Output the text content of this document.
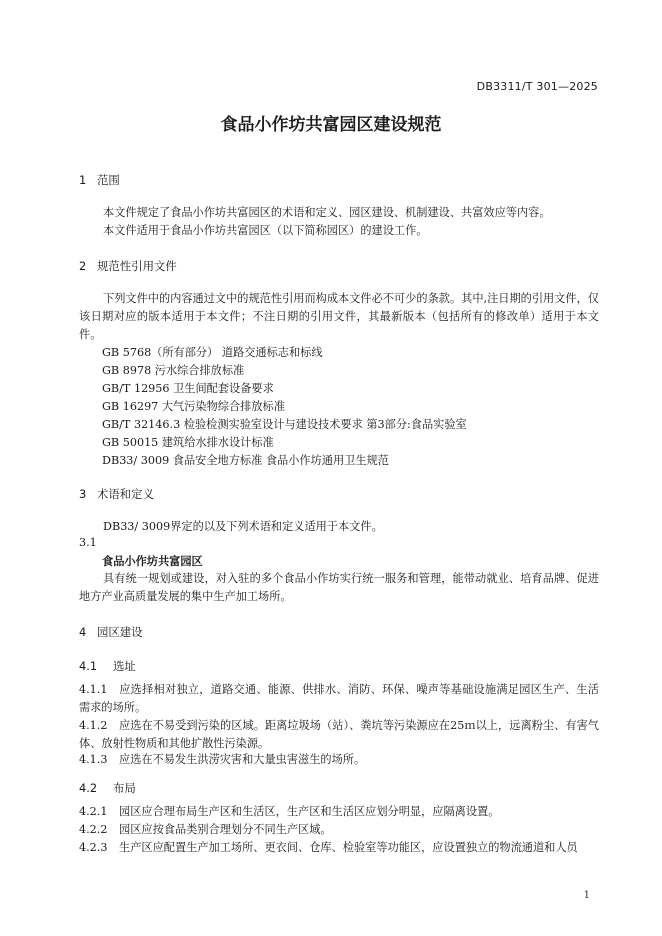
DB3311/T 301—2025
食品小作坊共富园区建设规范
1 范围
本文件规定了食品小作坊共富园区的术语和定义、园区建设、机制建设、共富效应等内容。
本文件适用于食品小作坊共富园区（以下简称园区）的建设工作。
2 规范性引用文件
下列文件中的内容通过文中的规范性引用而构成本文件必不可少的条款。其中,注日期的引用文件，仅该日期对应的版本适用于本文件；不注日期的引用文件，其最新版本（包括所有的修改单）适用于本文件。
GB 5768（所有部分） 道路交通标志和标线
GB 8978 污水综合排放标准
GB/T 12956 卫生间配套设备要求
GB 16297 大气污染物综合排放标准
GB/T 32146.3 检验检测实验室设计与建设技术要求 第3部分:食品实验室
GB 50015 建筑给水排水设计标准
DB33/ 3009 食品安全地方标准 食品小作坊通用卫生规范
3 术语和定义
DB33/ 3009界定的以及下列术语和定义适用于本文件。
3.1
食品小作坊共富园区
具有统一规划或建设，对入驻的多个食品小作坊实行统一服务和管理，能带动就业、培育品牌、促进地方产业高质量发展的集中生产加工场所。
4 园区建设
4.1 选址
4.1.1 应选择相对独立，道路交通、能源、供排水、消防、环保、噪声等基础设施满足园区生产、生活需求的场所。
4.1.2 应选在不易受到污染的区域。距离垃圾场（站）、粪坑等污染源应在25ｍ以上，远离粉尘、有害气体、放射性物质和其他扩散性污染源。
4.1.3 应选在不易发生洪涝灾害和大量虫害滋生的场所。
4.2 布局
4.2.1 园区应合理布局生产区和生活区，生产区和生活区应划分明显，应隔离设置。
4.2.2 园区应按食品类别合理划分不同生产区域。
4.2.3 生产区应配置生产加工场所、更衣间、仓库、检验室等功能区，应设置独立的物流通道和人员
1
